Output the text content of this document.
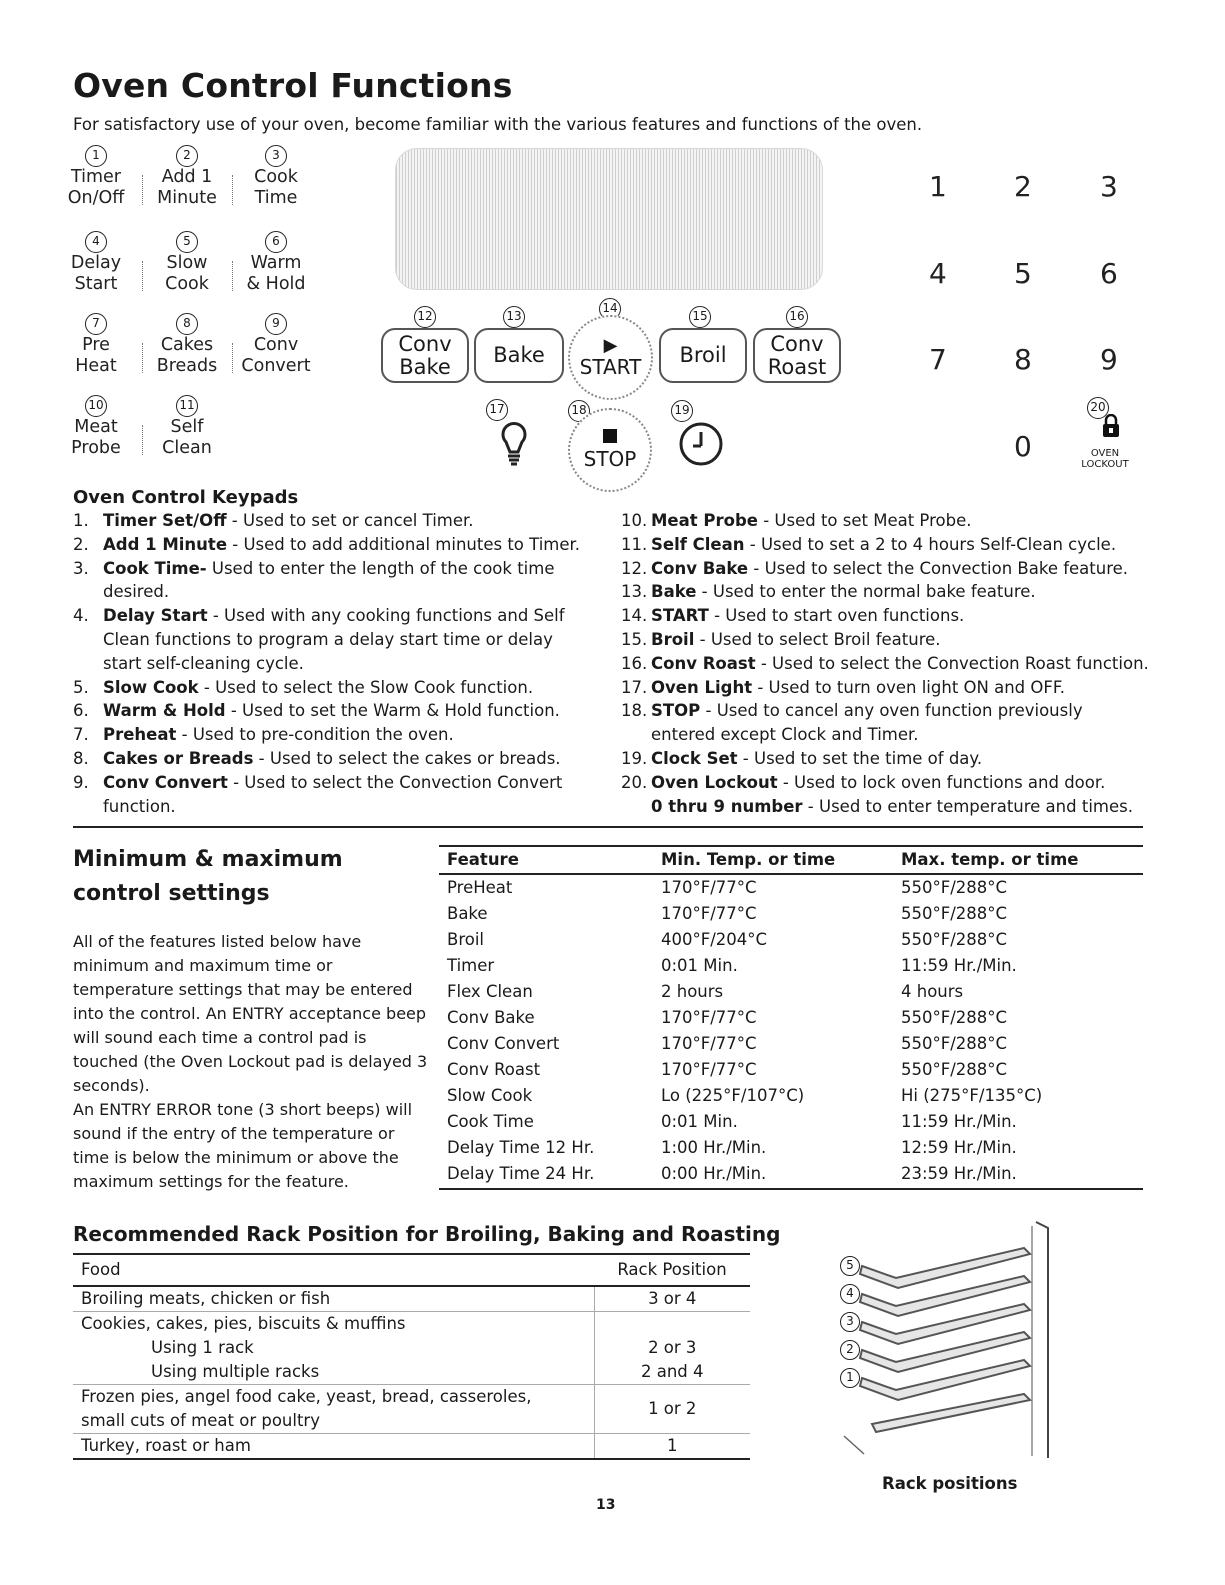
Oven Control Functions
For satisfactory use of your oven, become familiar with the various features and functions of the oven.
1
Timer
On/Off
2
Add 1
Minute
3
Cook
Time
4
Delay
Start
5
Slow
Cook
6
Warm
& Hold
7
Pre
Heat
8
Cakes
Breads
9
Conv
Convert
10
Meat
Probe
11
Self
Clean
12
Conv
Bake
13
Bake
14
▶
START
15
Broil
16
Conv
Roast
17	18
STOP
19
1 2 3
4 5 6
7 8 9
0
20
OVEN
LOCKOUT
Oven Control Keypads
1. Timer Set/Off - Used to set or cancel Timer.
2. Add 1 Minute - Used to add additional minutes to Timer.
3. Cook Time- Used to enter the length of the cook time desired.
4. Delay Start - Used with any cooking functions and Self Clean functions to program a delay start time or delay start self-cleaning cycle.
5. Slow Cook - Used to select the Slow Cook function.
6. Warm & Hold - Used to set the Warm & Hold function.
7. Preheat - Used to pre-condition the oven.
8. Cakes or Breads - Used to select the cakes or breads.
9. Conv Convert - Used to select the Convection Convert function.
10. Meat Probe - Used to set Meat Probe.
11. Self Clean - Used to set a 2 to 4 hours Self-Clean cycle.
12. Conv Bake - Used to select the Convection Bake feature.
13. Bake - Used to enter the normal bake feature.
14. START - Used to start oven functions.
15. Broil - Used to select Broil feature.
16. Conv Roast - Used to select the Convection Roast function.
17. Oven Light - Used to turn oven light ON and OFF.
18. STOP - Used to cancel any oven function previously entered except Clock and Timer.
19. Clock Set - Used to set the time of day.
20. Oven Lockout - Used to lock oven functions and door.
0 thru 9 number - Used to enter temperature and times.
Minimum & maximum control settings
All of the features listed below have minimum and maximum time or temperature settings that may be entered into the control. An ENTRY acceptance beep will sound each time a control pad is touched (the Oven Lockout pad is delayed 3 seconds).
An ENTRY ERROR tone (3 short beeps) will sound if the entry of the temperature or time is below the minimum or above the maximum settings for the feature.
Feature	Min. Temp. or time	Max. temp. or time
PreHeat	170°F/77°C	550°F/288°C
Bake	170°F/77°C	550°F/288°C
Broil	400°F/204°C	550°F/288°C
Timer	0:01 Min.	11:59 Hr./Min.
Flex Clean	2 hours	4 hours
Conv Bake	170°F/77°C	550°F/288°C
Conv Convert	170°F/77°C	550°F/288°C
Conv Roast	170°F/77°C	550°F/288°C
Slow Cook	Lo (225°F/107°C)	Hi (275°F/135°C)
Cook Time	0:01 Min.	11:59 Hr./Min.
Delay Time 12 Hr.	1:00 Hr./Min.	12:59 Hr./Min.
Delay Time 24 Hr.	0:00 Hr./Min.	23:59 Hr./Min.
Recommended Rack Position for Broiling, Baking and Roasting
Food	Rack Position
Broiling meats, chicken or fish	3 or 4
Cookies, cakes, pies, biscuits & muffins	
Using 1 rack	2 or 3
Using multiple racks	2 and 4

Frozen pies, angel food cake, yeast, bread, casseroles,
small cuts of meat or poultry	1 or 2
Turkey, roast or ham	1
5
4
3
2
1
Rack positions
13
